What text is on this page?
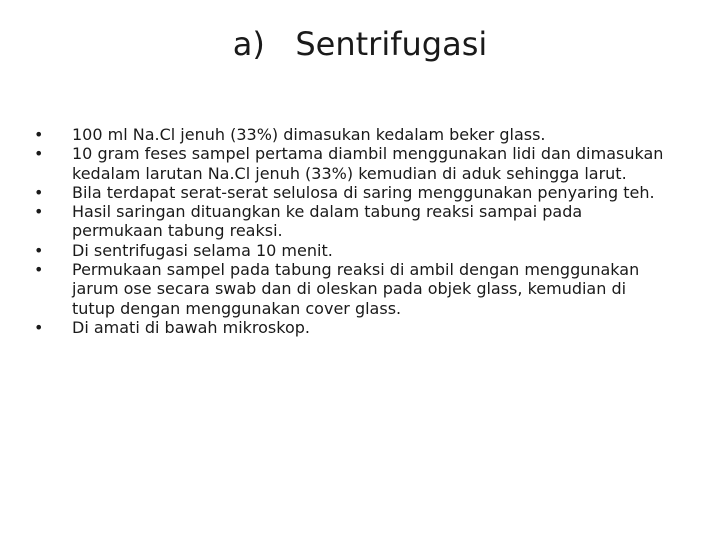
a)   Sentrifugasi
• 100 ml Na.Cl jenuh (33%) dimasukan kedalam beker glass.
• 10 gram feses sampel pertama diambil menggunakan lidi dan dimasukan kedalam larutan Na.Cl jenuh (33%) kemudian di aduk sehingga larut.
• Bila terdapat serat-serat selulosa di saring menggunakan penyaring teh.
• Hasil saringan dituangkan ke dalam tabung reaksi sampai pada permukaan tabung reaksi.
• Di sentrifugasi selama 10 menit.
• Permukaan sampel pada tabung reaksi di ambil dengan menggunakan jarum ose secara swab dan di oleskan pada objek glass, kemudian di tutup dengan menggunakan cover glass.
• Di amati di bawah mikroskop.
